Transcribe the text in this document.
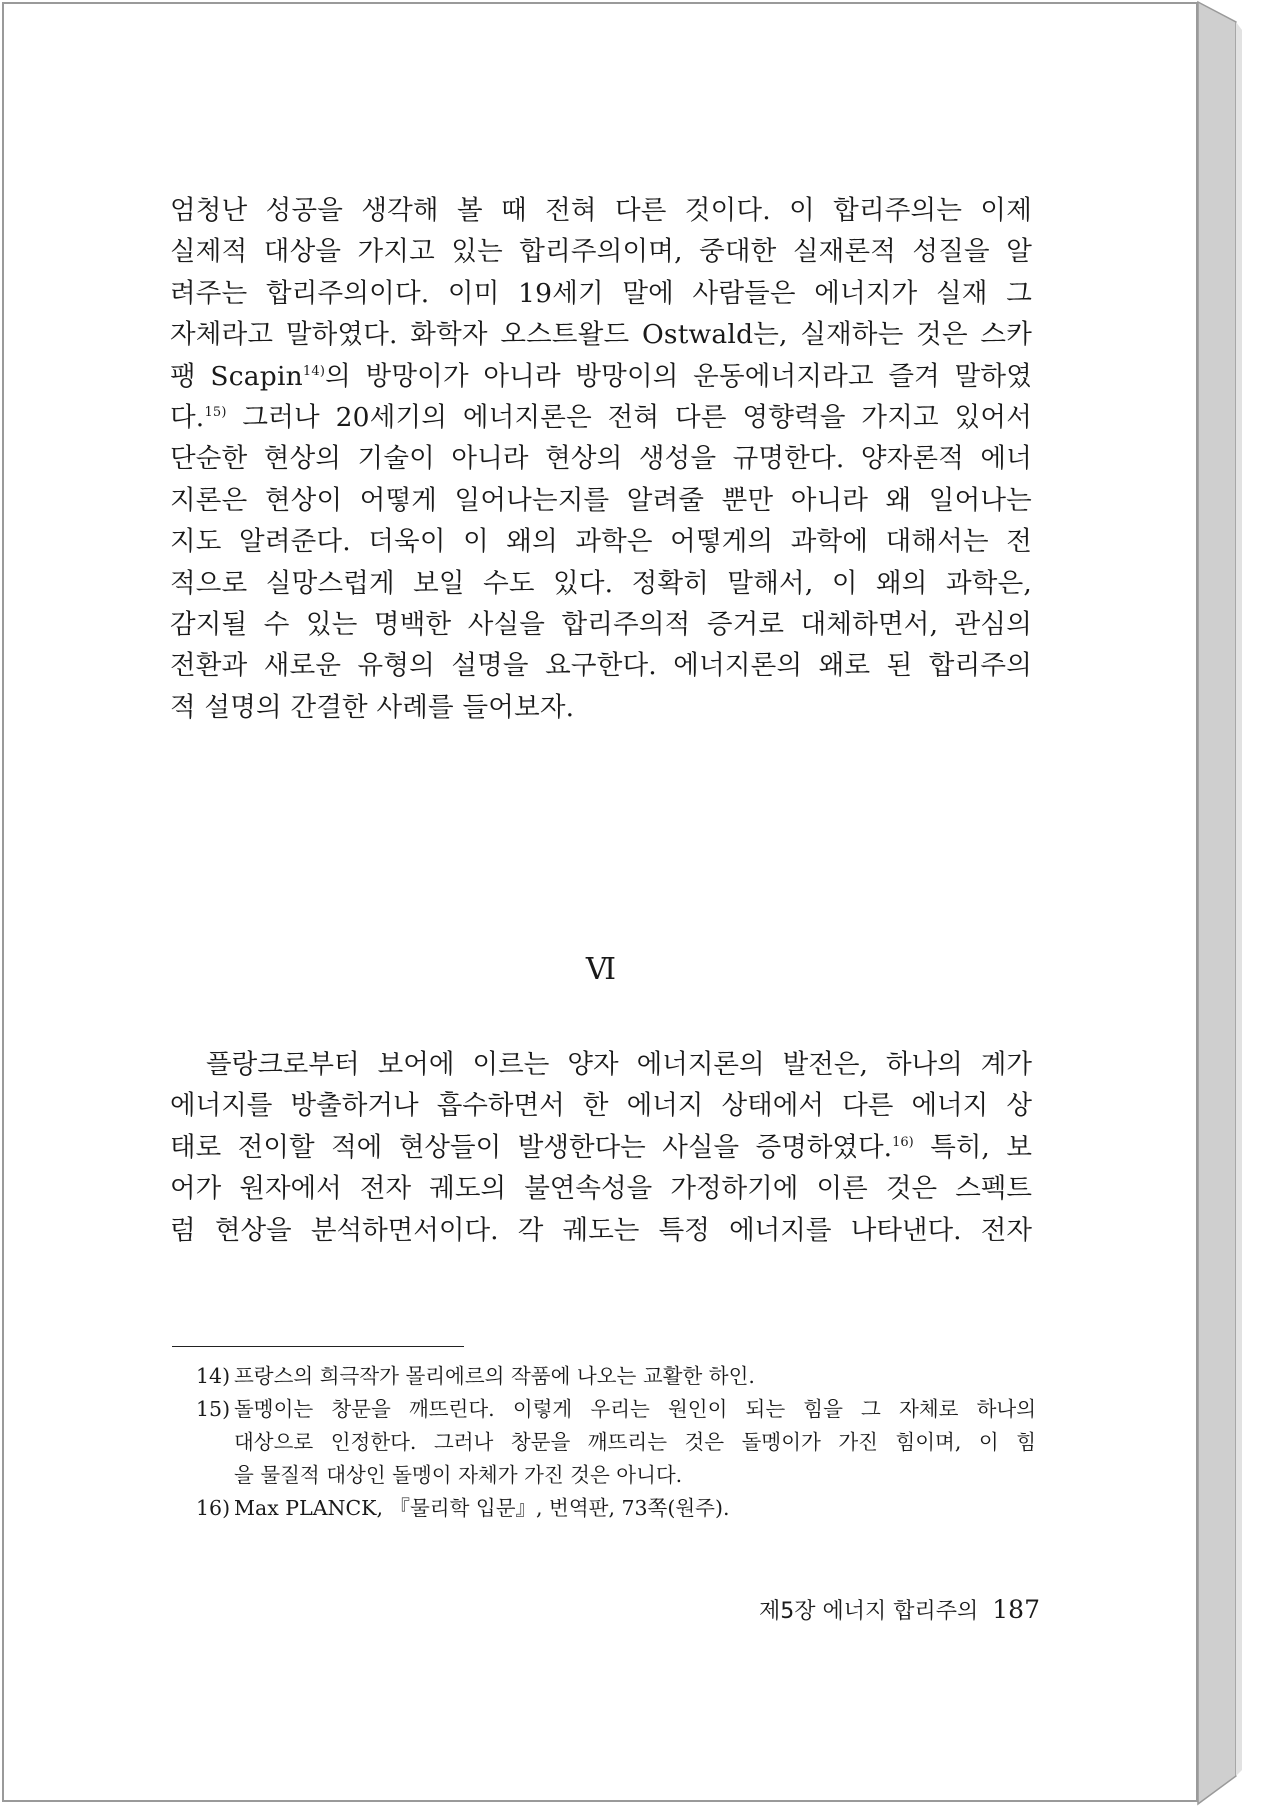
엄청난 성공을 생각해 볼 때 전혀 다른 것이다. 이 합리주의는 이제
실제적 대상을 가지고 있는 합리주의이며, 중대한 실재론적 성질을 알
려주는 합리주의이다. 이미 19세기 말에 사람들은 에너지가 실재 그
자체라고 말하였다. 화학자 오스트왈드 Ostwald는, 실재하는 것은 스카
팽 Scapin$^{14)}$의 방망이가 아니라 방망이의 운동에너지라고 즐겨 말하였
다.$^{15)}$ 그러나 20세기의 에너지론은 전혀 다른 영향력을 가지고 있어서
단순한 현상의 기술이 아니라 현상의 생성을 규명한다. 양자론적 에너
지론은 현상이 어떻게 일어나는지를 알려줄 뿐만 아니라 왜 일어나는
지도 알려준다. 더욱이 이 왜의 과학은 어떻게의 과학에 대해서는 전
적으로 실망스럽게 보일 수도 있다. 정확히 말해서, 이 왜의 과학은,
감지될 수 있는 명백한 사실을 합리주의적 증거로 대체하면서, 관심의
전환과 새로운 유형의 설명을 요구한다. 에너지론의 왜로 된 합리주의
적 설명의 간결한 사례를 들어보자.

Ⅵ

플랑크로부터 보어에 이르는 양자 에너지론의 발전은, 하나의 계가
에너지를 방출하거나 흡수하면서 한 에너지 상태에서 다른 에너지 상
태로 전이할 적에 현상들이 발생한다는 사실을 증명하였다.$^{16)}$ 특히, 보
어가 원자에서 전자 궤도의 불연속성을 가정하기에 이른 것은 스펙트
럼 현상을 분석하면서이다. 각 궤도는 특정 에너지를 나타낸다. 전자

14) 프랑스의 희극작가 몰리에르의 작품에 나오는 교활한 하인.
15) 돌멩이는 창문을 깨뜨린다. 이렇게 우리는 원인이 되는 힘을 그 자체로 하나의
대상으로 인정한다. 그러나 창문을 깨뜨리는 것은 돌멩이가 가진 힘이며, 이 힘
을 물질적 대상인 돌멩이 자체가 가진 것은 아니다.
16) Max PLANCK, 『물리학 입문』, 번역판, 73쪽(원주).
제5장 에너지 합리주의 187
